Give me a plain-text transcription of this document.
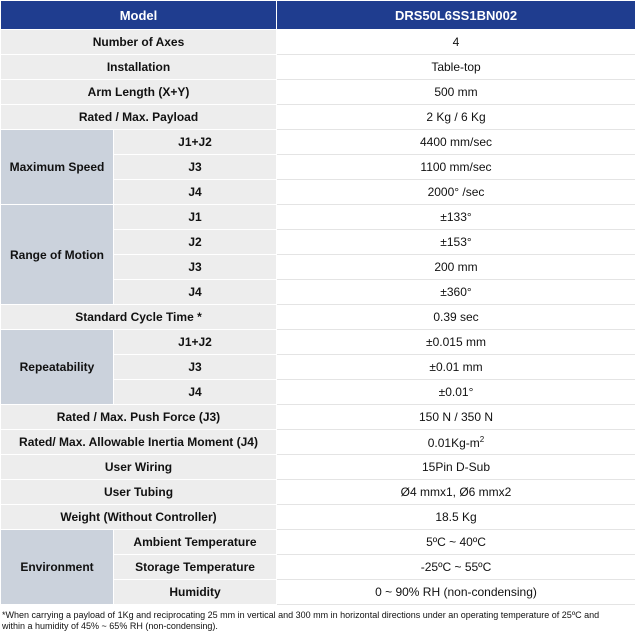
Model		DRS50L6SS1BN002
Number of Axes		4
Installation		Table-top
Arm Length (X+Y)		500 mm
Rated / Max. Payload		2 Kg / 6 Kg
Maximum Speed	J1+J2	4400 mm/sec
	J3	1100 mm/sec
	J4	2000° /sec
Range of Motion	J1	±133°
	J2	±153°
	J3	200 mm
	J4	±360°
Standard Cycle Time *		0.39 sec
Repeatability	J1+J2	±0.015 mm
	J3	±0.01 mm
	J4	±0.01°
Rated / Max. Push Force (J3)		150 N / 350 N
Rated/ Max. Allowable Inertia Moment (J4)		$0.01Kg-m^2$
User Wiring		15Pin D-Sub
User Tubing		Ø4 mmx1, Ø6 mmx2
Weight (Without Controller)		18.5 Kg
Environment	Ambient Temperature	5ºC ~ 40ºC
	Storage Temperature	-25ºC ~ 55ºC
	Humidity	0 ~ 90% RH (non-condensing)
*When carrying a payload of 1Kg and reciprocating 25 mm in vertical and 300 mm in horizontal directions under an operating temperature of 25ºC and
within a humidity of 45% ~ 65% RH (non-condensing).
